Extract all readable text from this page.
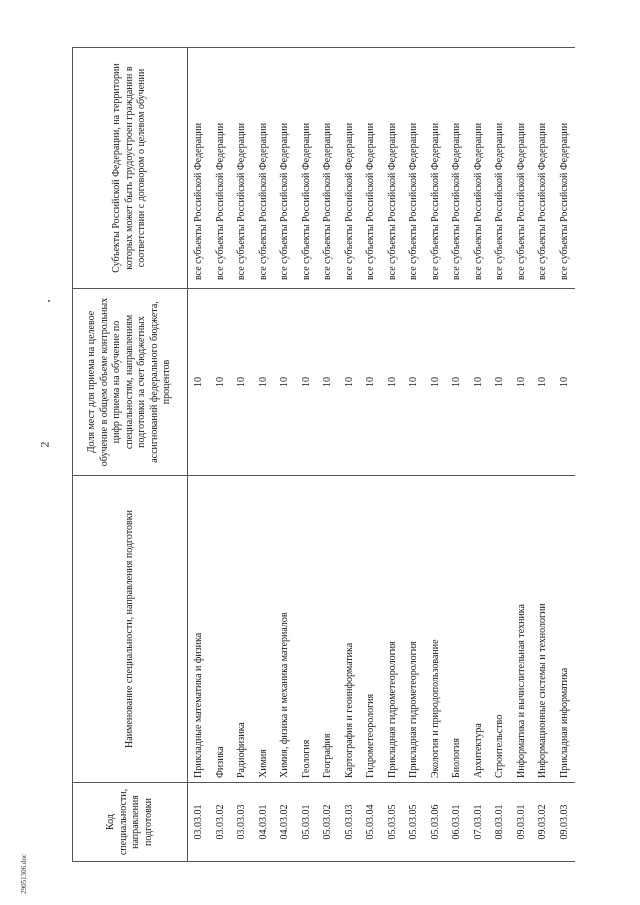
2
Код специальности, направления подготовки	Наименование специальности, направления подготовки	Доля мест для приема на целевое обучение в общем объеме контрольных цифр приема на обучение по специальностям, направлениям подготовки за счет бюджетных ассигнований федерального бюджета, процентов	Субъекты Российской Федерации, на территории которых может быть трудоустроен гражданин в соответствии с договором о целевом обучении
03.03.01	Прикладные математика и физика	10	все субъекты Российской Федерации
03.03.02	Физика	10	все субъекты Российской Федерации
03.03.03	Радиофизика	10	все субъекты Российской Федерации
04.03.01	Химия	10	все субъекты Российской Федерации
04.03.02	Химия, физика и механика материалов	10	все субъекты Российской Федерации
05.03.01	Геология	10	все субъекты Российской Федерации
05.03.02	География	10	все субъекты Российской Федерации
05.03.03	Картография и геоинформатика	10	все субъекты Российской Федерации
05.03.04	Гидрометеорология	10	все субъекты Российской Федерации
05.03.05	Прикладная гидрометеорология	10	все субъекты Российской Федерации
05.03.05	Прикладная гидрометеорология	10	все субъекты Российской Федерации
05.03.06	Экология и природопользование	10	все субъекты Российской Федерации
06.03.01	Биология	10	все субъекты Российской Федерации
07.03.01	Архитектура	10	все субъекты Российской Федерации
08.03.01	Строительство	10	все субъекты Российской Федерации
09.03.01	Информатика и вычислительная техника	10	все субъекты Российской Федерации
09.03.02	Информационные системы и технологии	10	все субъекты Российской Федерации
09.03.03	Прикладная информатика	10	все субъекты Российской Федерации
29051306.doc
